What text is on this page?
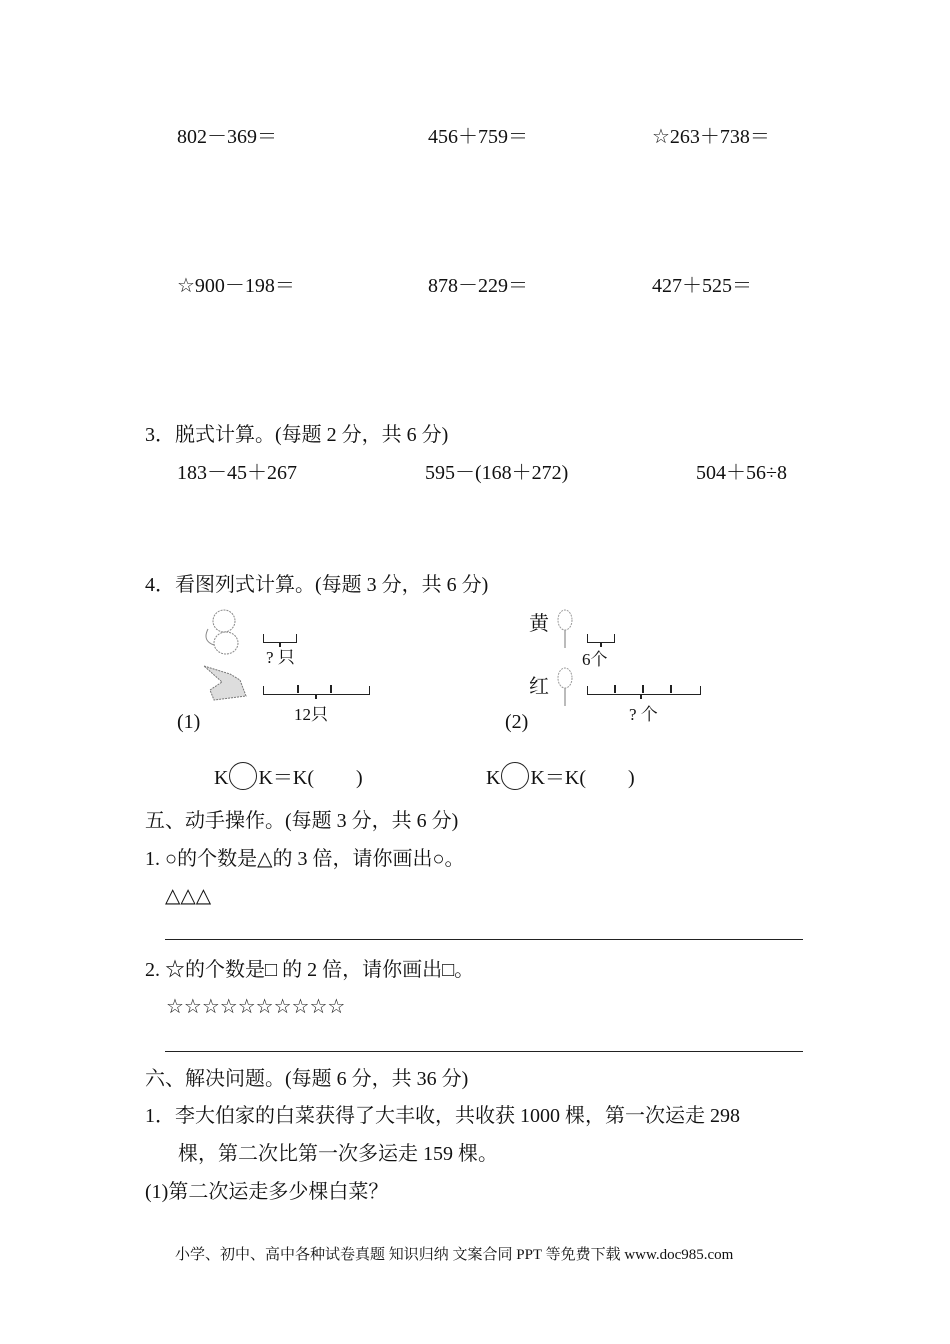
802－369＝	456＋759＝	☆263＋738＝
☆900－198＝	878－229＝	427＋525＝
3．脱式计算。(每题 2 分，共 6 分)
183－45＋267	595－(168＋272)	504＋56÷8
4．看图列式计算。(每题 3 分，共 6 分)
? 只
12只
(1)
K K＝K( )
黄
6个
红
? 个
(2)
K K＝K( )
五、动手操作。(每题 3 分，共 6 分)
1. ○的个数是△的 3 倍，请你画出○。
△△△
2. ☆的个数是□ 的 2 倍，请你画出□。
☆☆☆☆☆☆☆☆☆☆
六、解决问题。(每题 6 分，共 36 分)
1．李大伯家的白菜获得了大丰收，共收获 1000 棵，第一次运走 298
棵，第二次比第一次多运走 159 棵。
(1)第二次运走多少棵白菜？
小学、初中、高中各种试卷真题 知识归纳 文案合同 PPT 等免费下载 www.doc985.com
